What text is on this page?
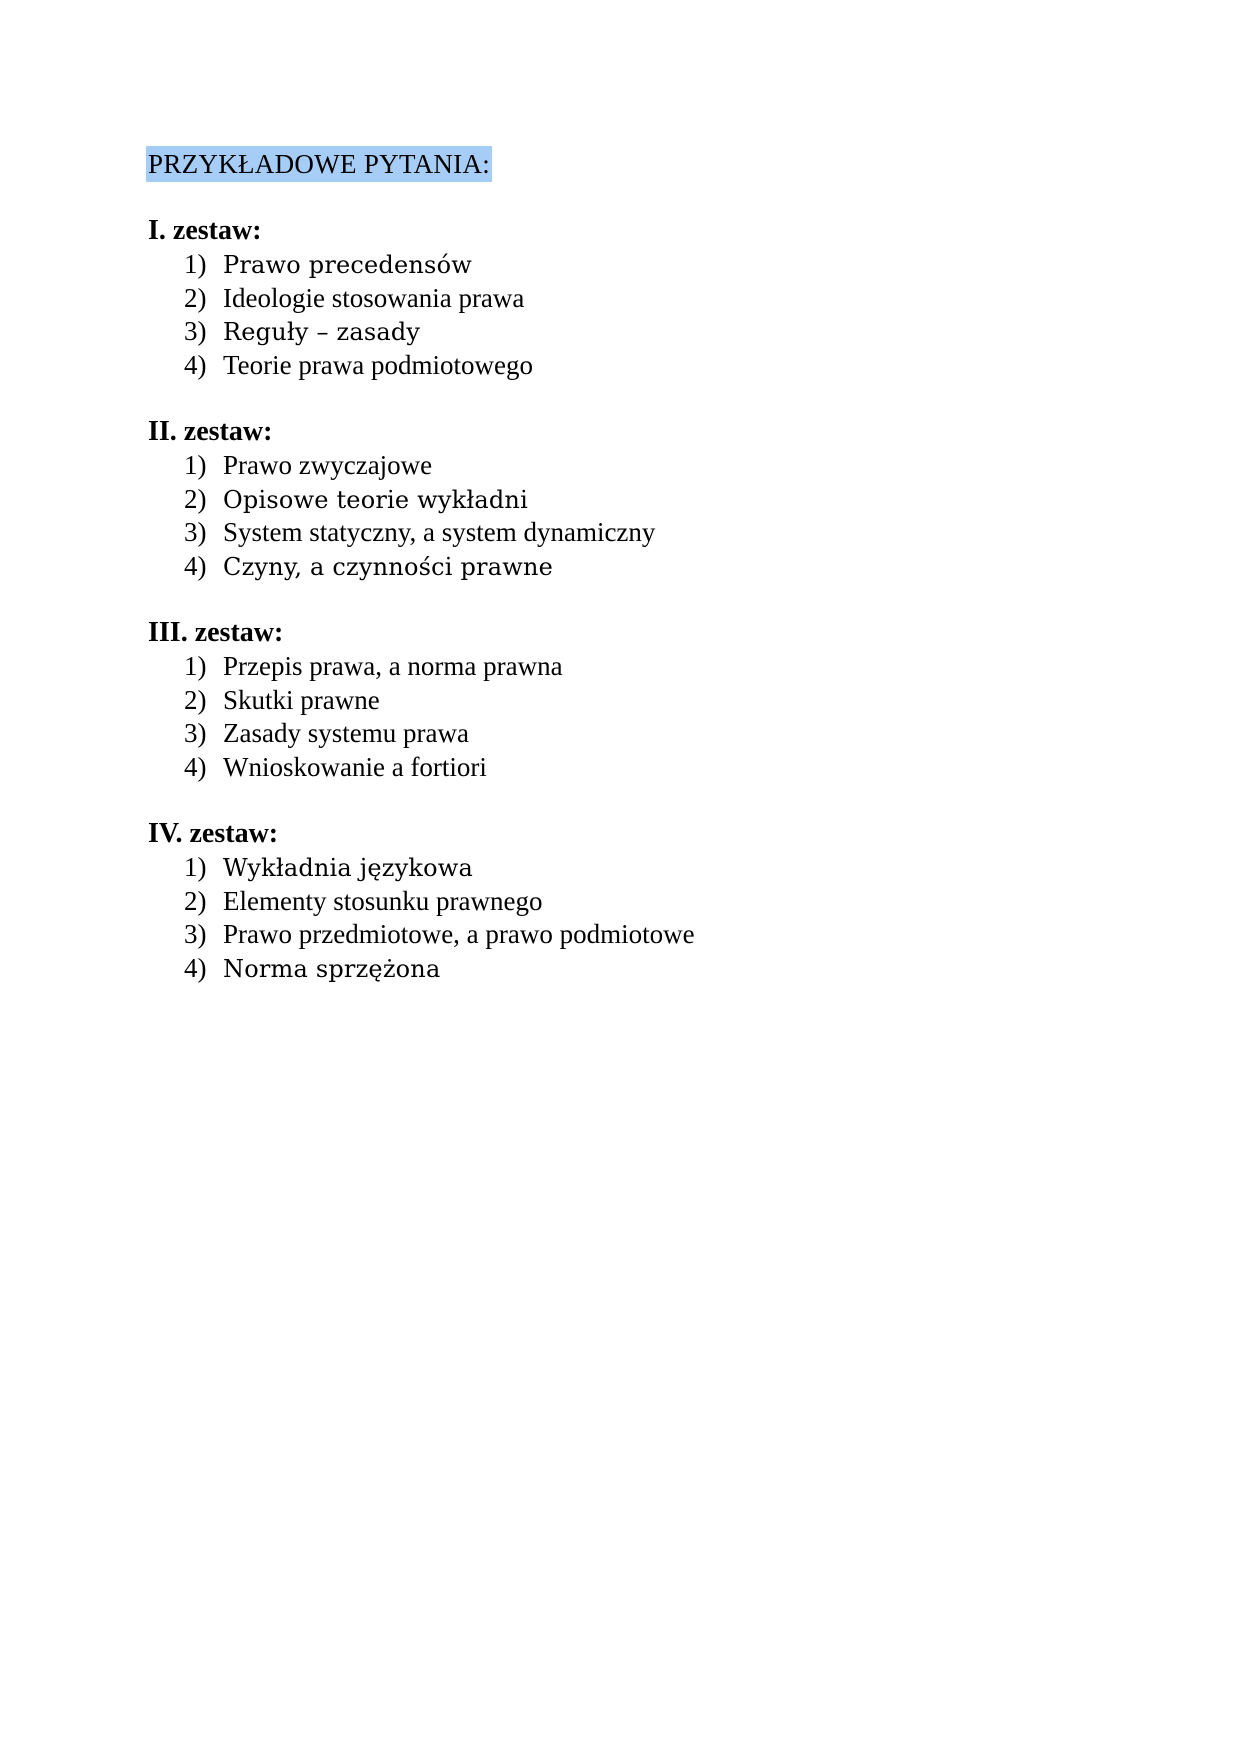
PRZYKŁADOWE PYTANIA:
I. zestaw:
1) Prawo precedensów
2) Ideologie stosowania prawa
3) Reguły – zasady
4) Teorie prawa podmiotowego
II. zestaw:
1) Prawo zwyczajowe
2) Opisowe teorie wykładni
3) System statyczny, a system dynamiczny
4) Czyny, a czynności prawne
III. zestaw:
1) Przepis prawa, a norma prawna
2) Skutki prawne
3) Zasady systemu prawa
4) Wnioskowanie a fortiori
IV. zestaw:
1) Wykładnia językowa
2) Elementy stosunku prawnego
3) Prawo przedmiotowe, a prawo podmiotowe
4) Norma sprzężona
